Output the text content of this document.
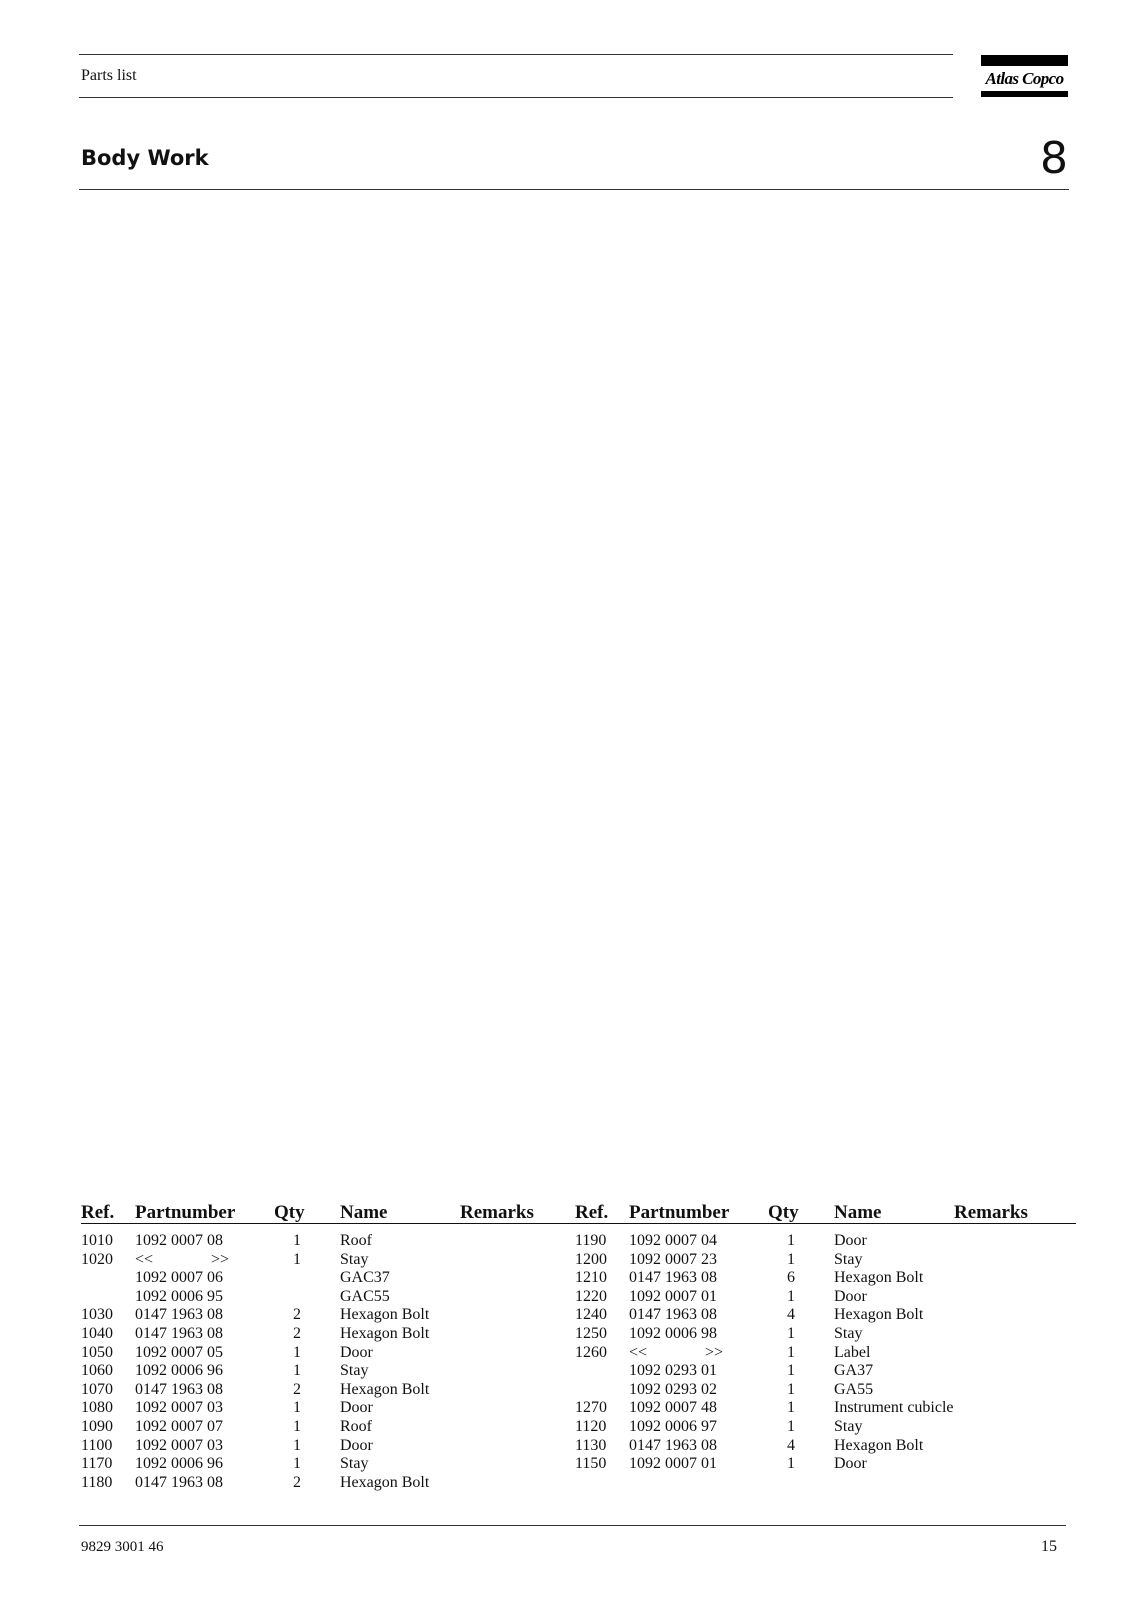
Parts list	Atlas Copco
Body Work	8
Ref.	Partnumber	Qty	Name	Remarks
1010	1092 0007 08	1	Roof	
1020	<< >>	1	Stay	
	1092 0007 06		GAC37	
	1092 0006 95		GAC55	
1030	0147 1963 08	2	Hexagon Bolt	
1040	0147 1963 08	2	Hexagon Bolt	
1050	1092 0007 05	1	Door	
1060	1092 0006 96	1	Stay	
1070	0147 1963 08	2	Hexagon Bolt	
1080	1092 0007 03	1	Door	
1090	1092 0007 07	1	Roof	
1100	1092 0007 03	1	Door	
1170	1092 0006 96	1	Stay	
1180	0147 1963 08	2	Hexagon Bolt	
Ref.	Partnumber	Qty	Name	Remarks
1190	1092 0007 04	1	Door	
1200	1092 0007 23	1	Stay	
1210	0147 1963 08	6	Hexagon Bolt	
1220	1092 0007 01	1	Door	
1240	0147 1963 08	4	Hexagon Bolt	
1250	1092 0006 98	1	Stay	
1260	<< >>	1	Label	
	1092 0293 01	1	GA37	
	1092 0293 02	1	GA55	
1270	1092 0007 48	1	Instrument cubicle	
1120	1092 0006 97	1	Stay	
1130	0147 1963 08	4	Hexagon Bolt	
1150	1092 0007 01	1	Door	
9829 3001 46	15
